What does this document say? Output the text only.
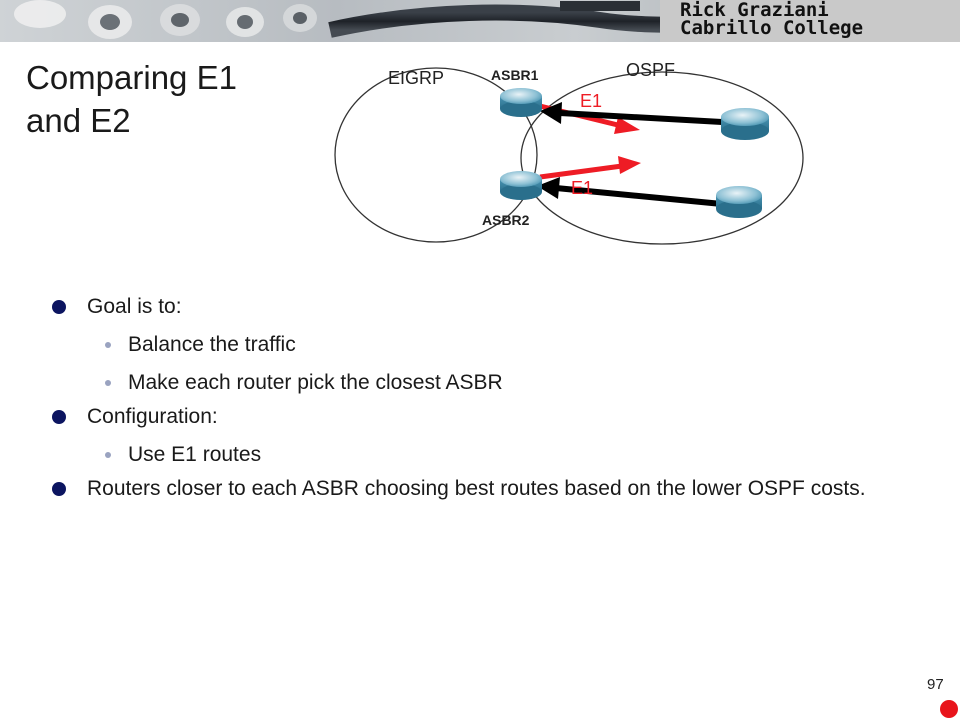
Rick Graziani
Cabrillo College
Comparing E1
and E2
EIGRP	OSPF
ASBR1
ASBR2
E1
E1
Goal is to:
Balance the traffic
Make each router pick the closest ASBR
Configuration:
Use E1 routes
Routers closer to each ASBR choosing best routes based on the lower OSPF costs.
97
